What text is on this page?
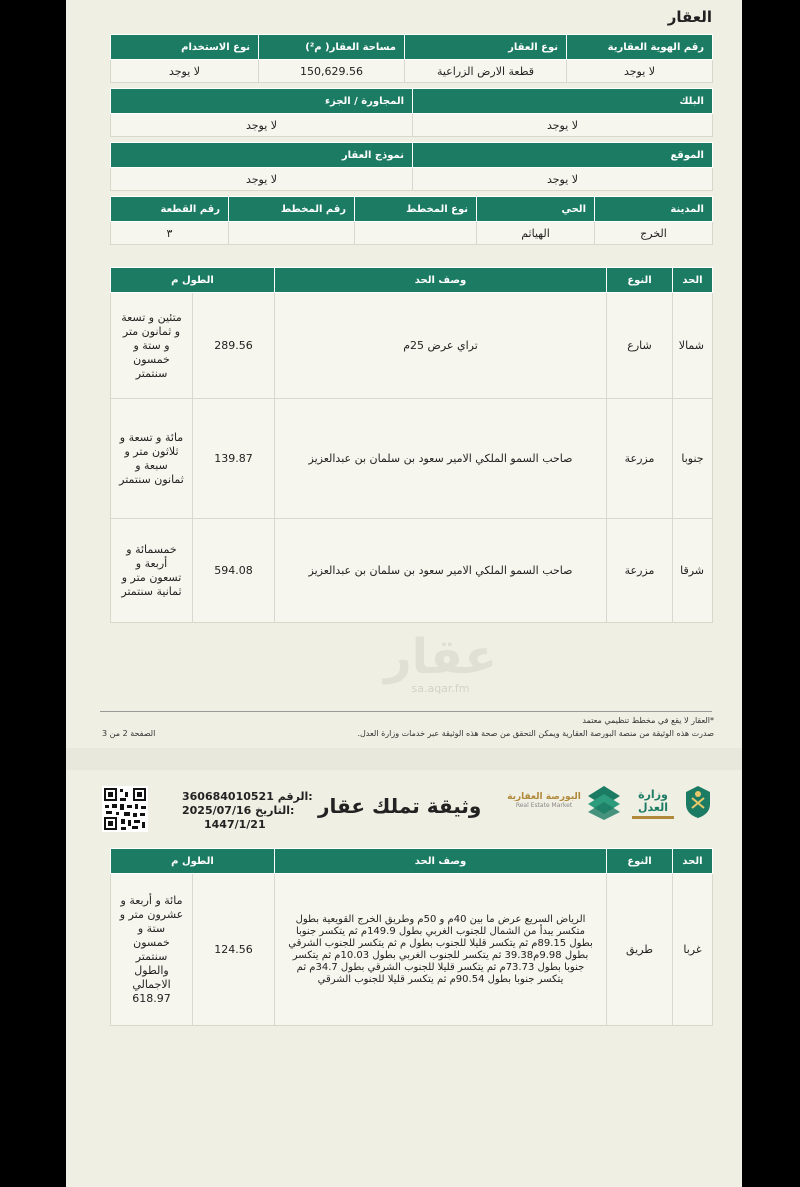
العقار
رقم الهوية العقارية	نوع العقار	مساحة العقار( م²)	نوع الاستخدام
لا يوجد	قطعة الارض الزراعية	150,629.56	لا يوجد
البلك	المجاورة / الجزء
لا يوجد	لا يوجد
الموقع	نموذج العقار
لا يوجد	لا يوجد
المدينة	الحي	نوع المخطط	رقم المخطط	رقم القطعة
الخرج	الهياثم			٣
الحد	النوع	وصف الحد	الطول م	
شمالا	شارع	تراي عرض 25م	289.56	متئين و تسعة و ثمانون متر و ستة و خمسون سنتمتر
جنوبا	مزرعة	صاحب السمو الملكي الامير سعود بن سلمان بن عبدالعزيز	139.87	مائة و تسعة و ثلاثون متر و سبعة و ثمانون سنتمتر
شرقا	مزرعة	صاحب السمو الملكي الامير سعود بن سلمان بن عبدالعزيز	594.08	خمسمائة و أربعة و تسعون متر و ثمانية سنتمتر
عقار
sa.aqar.fm
*العقار لا يقع في مخطط تنظيمي معتمد
صدرت هذه الوثيقة من منصة البورصة العقارية ويمكن التحقق من صحة هذه الوثيقة عبر خدمات وزارة العدل.
الصفحة 2 من 3
360684010521 الرقم:
2025/07/16 التاريخ:
1447/1/21
وثيقة تملك عقار	البورصة العقارية
Real Estate Market
وزارة العدل
الحد	النوع	وصف الحد	الطول م	
غربا	طريق	الرياض السريع عرض ما بين 40م و 50م وطريق الخرج القويعية بطول متكسر يبدأ من الشمال للجنوب الغربي بطول 149.9م ثم يتكسر جنوبا بطول 89.15م ثم يتكسر قليلا للجنوب بطول م ثم يتكسر للجنوب الشرقي بطول 9.98م39.38 ثم يتكسر للجنوب الغربي بطول 10.03م ثم يتكسر جنوبا بطول 73.73م ثم يتكسر قليلا للجنوب الشرقي بطول 34.7م ثم يتكسر جنوبا بطول 90.54م ثم يتكسر قليلا للجنوب الشرقي	124.56	مائة و أربعة و عشرون متر و ستة و خمسون سنتمتر والطول الاجمالي 618.97
